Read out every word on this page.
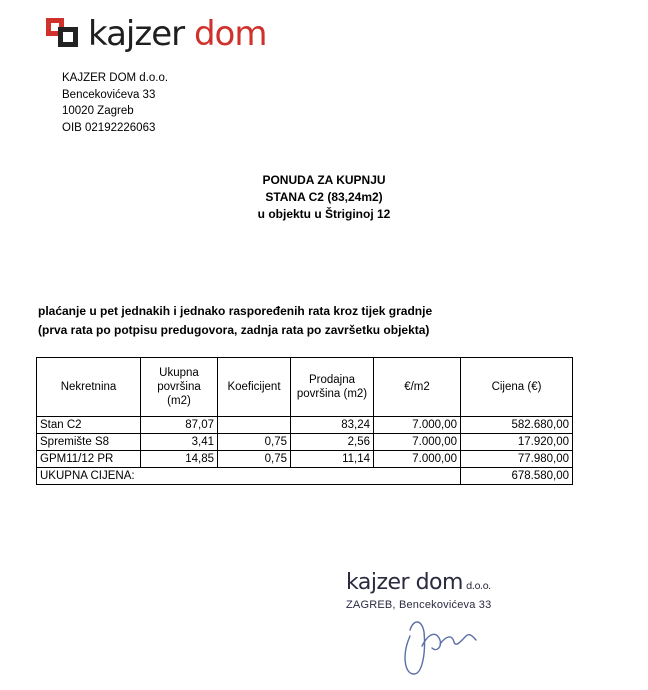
kajzer dom
KAJZER DOM d.o.o.
Bencekovićeva 33
10020 Zagreb
OIB 02192226063
PONUDA ZA KUPNJU
STANA C2 (83,24m2)
u objektu u Štriginoj 12
plaćanje u pet jednakih i jednako raspoređenih rata kroz tijek gradnje
(prva rata po potpisu predugovora, zadnja rata po završetku objekta)
Nekretnina	Ukupna površina (m2)	Koeficijent	Prodajna površina (m2)	€/m2	Cijena (€)
Stan C2	87,07		83,24	7.000,00	582.680,00
Spremište S8	3,41	0,75	2,56	7.000,00	17.920,00
GPM11/12 PR	14,85	0,75	11,14	7.000,00	77.980,00
UKUPNA CIJENA:					678.580,00
kajzer dom d.o.o.
ZAGREB, Bencekovićeva 33
